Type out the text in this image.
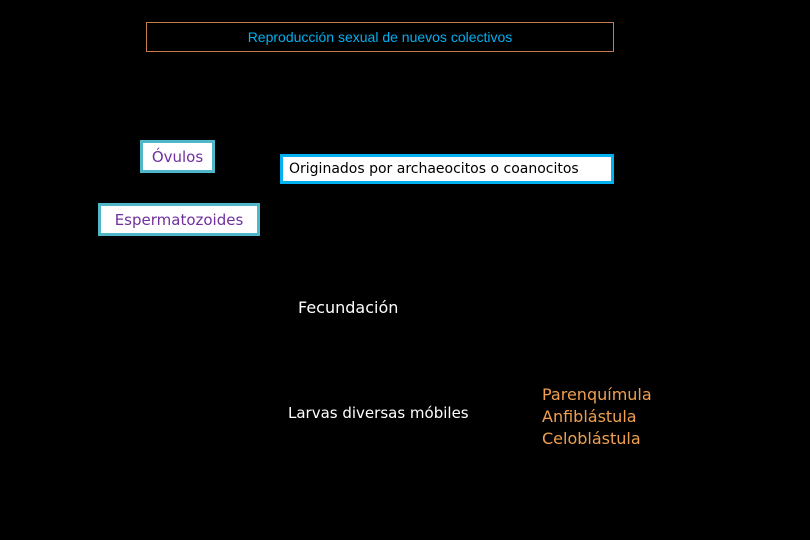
Reproducción sexual de nuevos colectivos
Óvulos
Espermatozoides
Originados por archaeocitos o coanocitos
Fecundación
Larvas diversas móbiles
Parenquímula
Anfiblástula
Celoblástula
